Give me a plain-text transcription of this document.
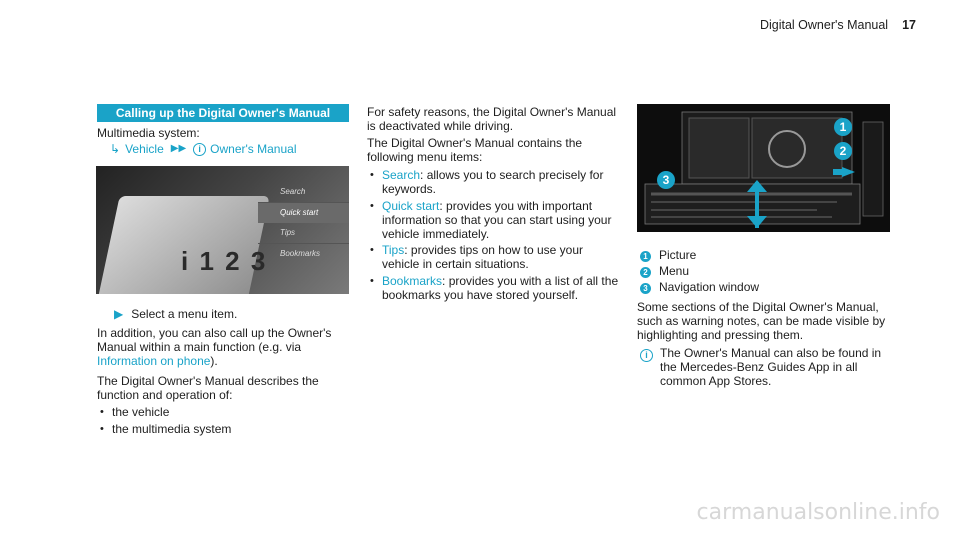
Digital Owner's Manual 17
Calling up the Digital Owner's Manual

Multimedia system:

↳ Vehicle ▶▶	i Owner's Manual
i 1 2 3
Search
Quick start
Tips
Bookmarks
▶ Select a menu item.

In addition, you can also call up the Owner's Manual within a main function (e.g. via Information on phone).

The Digital Owner's Manual describes the function and operation of:

• the vehicle
• the multimedia system

For safety reasons, the Digital Owner's Manual is deactivated while driving.

The Digital Owner's Manual contains the following menu items:

• Search: allows you to search precisely for keywords.
• Quick start: provides you with important information so that you can start using your vehicle immediately.
• Tips: provides tips on how to use your vehicle in certain situations.
• Bookmarks: provides you with a list of all the bookmarks you have stored yourself.
1
2
3
1 Picture
2 Menu
3 Navigation window

Some sections of the Digital Owner's Manual, such as warning notes, can be made visible by highlighting and pressing them.

i	The Owner's Manual can also be found in the Mercedes-Benz Guides App in all common App Stores.
carmanualsonline.info
